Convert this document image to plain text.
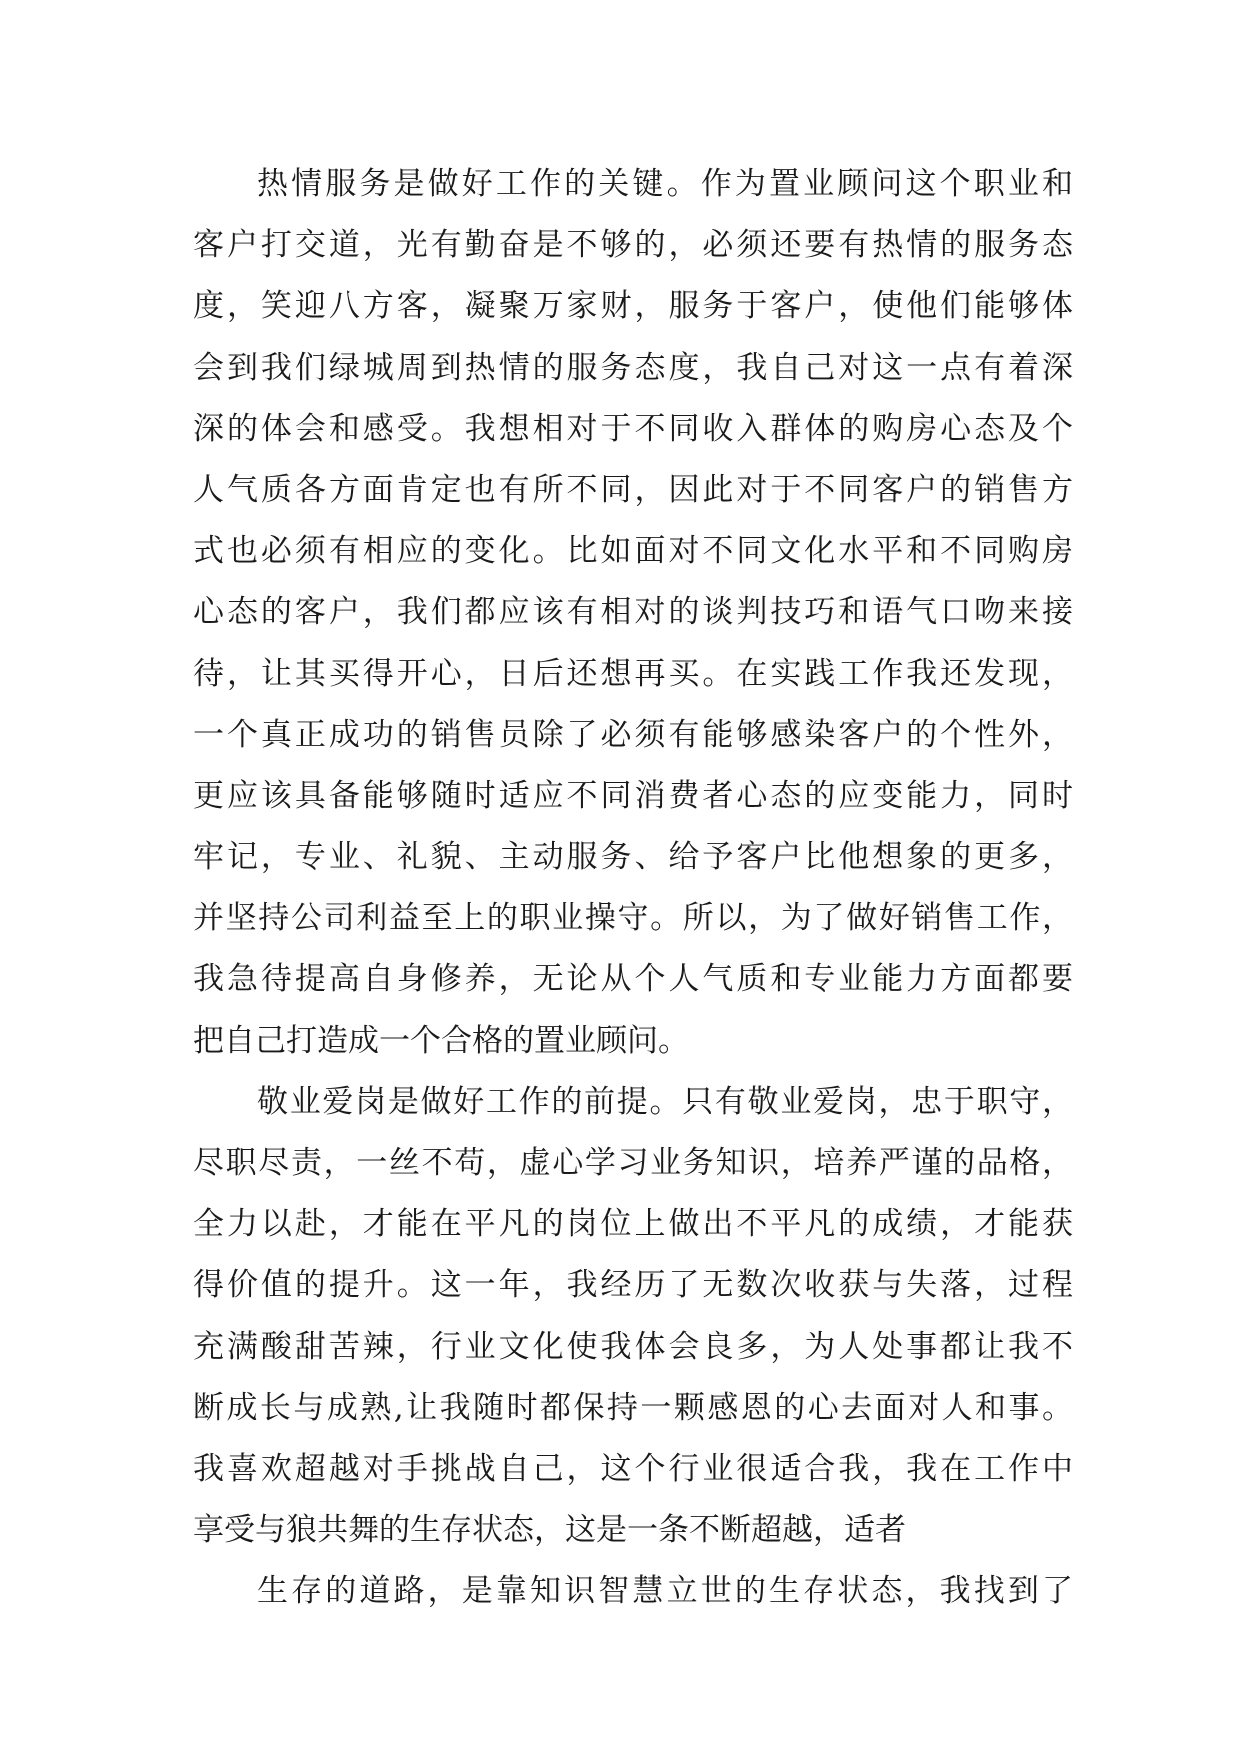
热情服务是做好工作的关键。作为置业顾问这个职业和
客户打交道，光有勤奋是不够的，必须还要有热情的服务态
度，笑迎八方客，凝聚万家财，服务于客户，使他们能够体
会到我们绿城周到热情的服务态度，我自己对这一点有着深
深的体会和感受。我想相对于不同收入群体的购房心态及个
人气质各方面肯定也有所不同，因此对于不同客户的销售方
式也必须有相应的变化。比如面对不同文化水平和不同购房
心态的客户，我们都应该有相对的谈判技巧和语气口吻来接
待，让其买得开心，日后还想再买。在实践工作我还发现，
一个真正成功的销售员除了必须有能够感染客户的个性外，
更应该具备能够随时适应不同消费者心态的应变能力，同时
牢记，专业、礼貌、主动服务、给予客户比他想象的更多，
并坚持公司利益至上的职业操守。所以，为了做好销售工作，
我急待提高自身修养，无论从个人气质和专业能力方面都要
把自己打造成一个合格的置业顾问。
敬业爱岗是做好工作的前提。只有敬业爱岗，忠于职守，
尽职尽责，一丝不苟，虚心学习业务知识，培养严谨的品格，
全力以赴，才能在平凡的岗位上做出不平凡的成绩，才能获
得价值的提升。这一年，我经历了无数次收获与失落，过程
充满酸甜苦辣，行业文化使我体会良多，为人处事都让我不
断成长与成熟,让我随时都保持一颗感恩的心去面对人和事。
我喜欢超越对手挑战自己，这个行业很适合我，我在工作中
享受与狼共舞的生存状态，这是一条不断超越，适者
生存的道路，是靠知识智慧立世的生存状态，我找到了
